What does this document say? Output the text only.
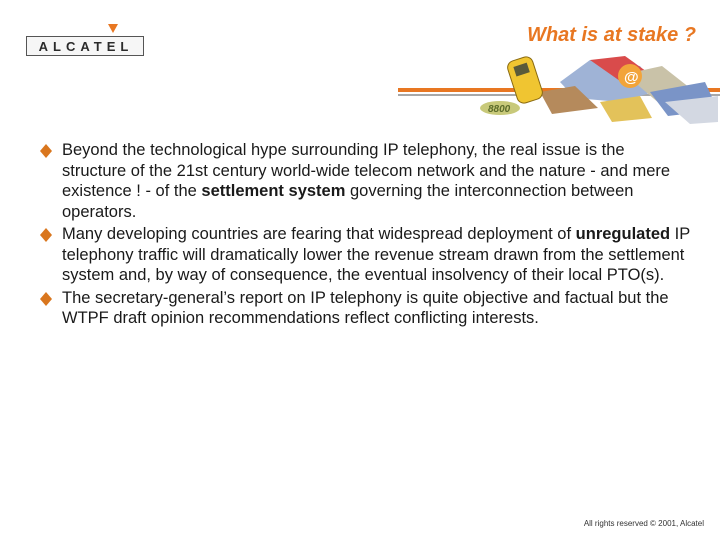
ALCATEL
What is at stake ?
@
8800

Beyond the technological hype surrounding IP telephony, the real issue is the structure of the 21st century world-wide telecom network and the nature - and mere existence ! - of the settlement system governing the interconnection between operators.

Many developing countries are fearing that widespread deployment of unregulated IP telephony traffic will dramatically lower the revenue stream drawn from the settlement system and, by way of consequence, the eventual insolvency of their local PTO(s).

The secretary-general’s report on IP telephony is quite objective and factual but the WTPF draft opinion recommendations reflect conflicting interests.

All rights reserved © 2001, Alcatel
